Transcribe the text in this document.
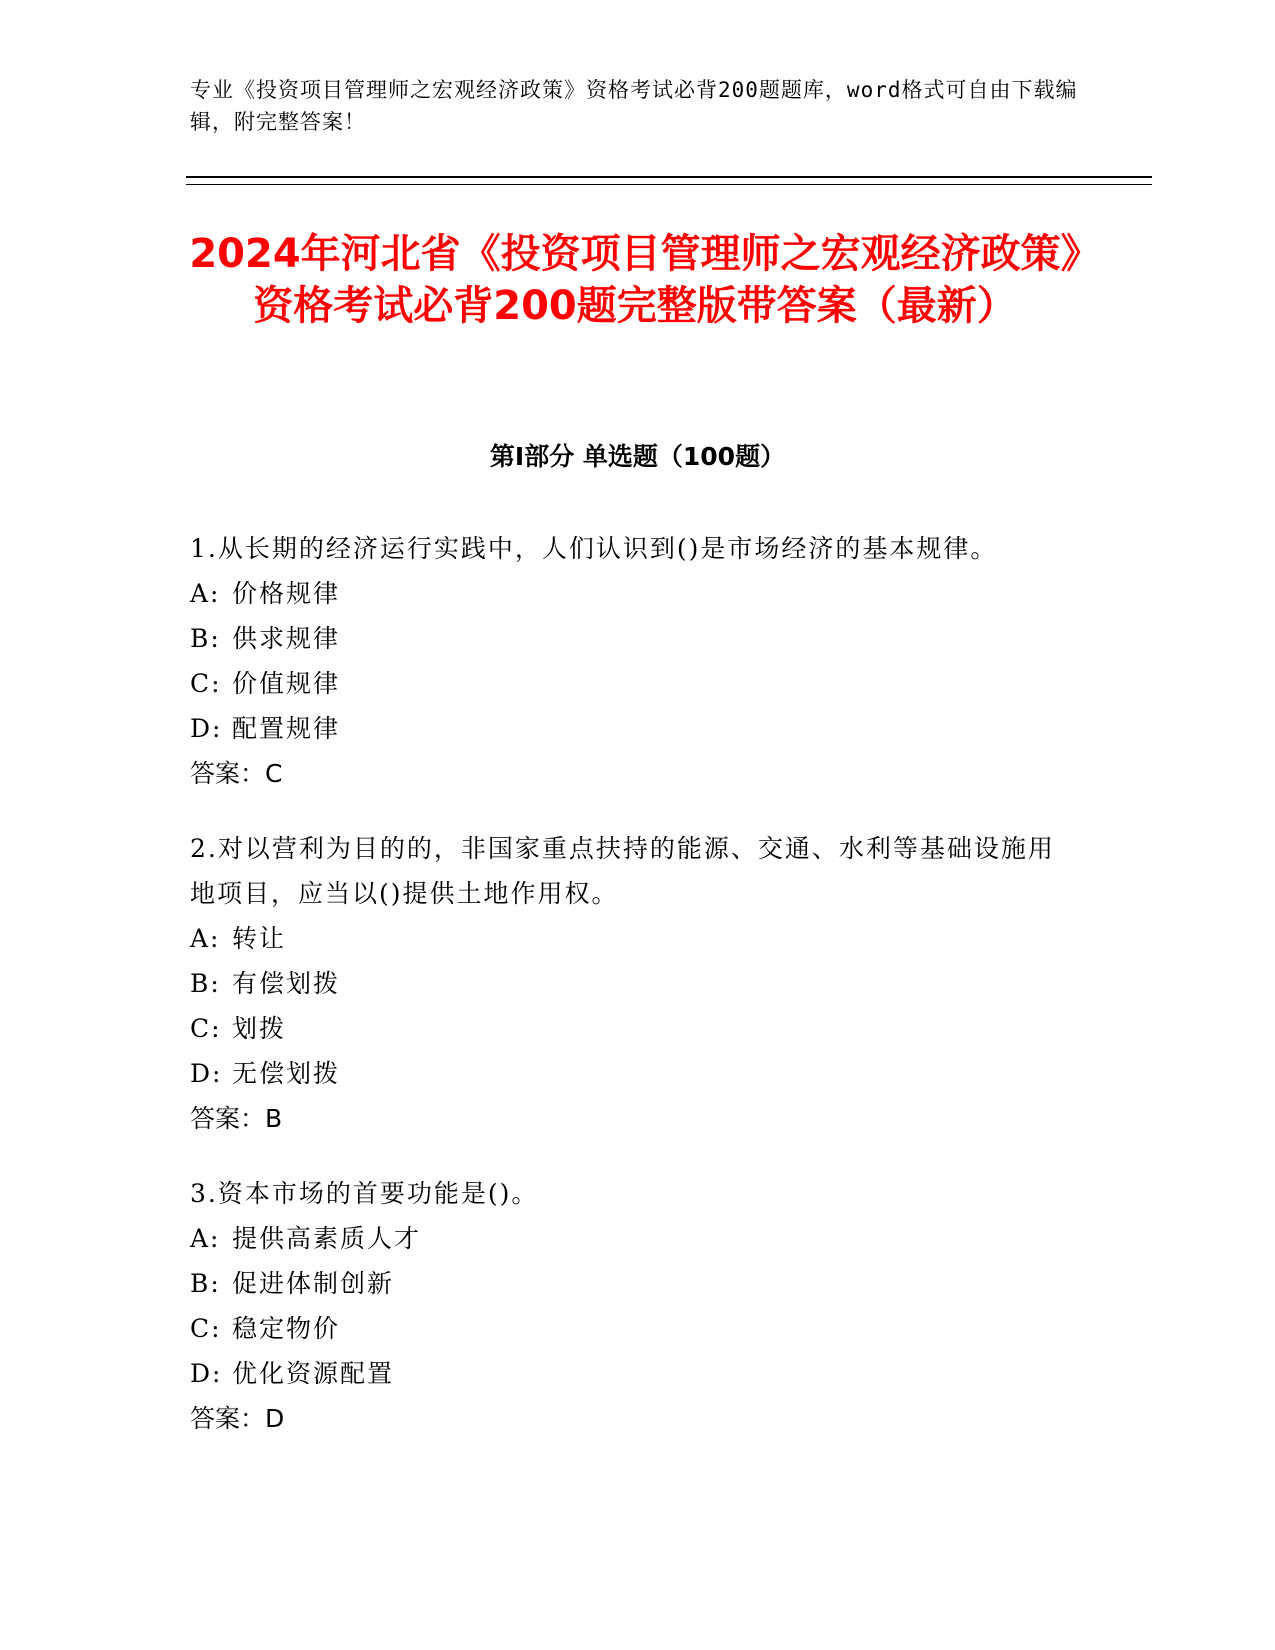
专业《投资项目管理师之宏观经济政策》资格考试必背200题题库，word格式可自由下载编辑，附完整答案！
2024年河北省《投资项目管理师之宏观经济政策》资格考试必背200题完整版带答案（最新）
第I部分 单选题（100题）

1.从长期的经济运行实践中，人们认识到()是市场经济的基本规律。

A: 价格规律

B: 供求规律

C: 价值规律

D: 配置规律

答案：C

2.对以营利为目的的，非国家重点扶持的能源、交通、水利等基础设施用地项目，应当以()提供土地作用权。

A: 转让

B: 有偿划拨

C: 划拨

D: 无偿划拨

答案：B

3.资本市场的首要功能是()。

A: 提供高素质人才

B: 促进体制创新

C: 稳定物价

D: 优化资源配置

答案：D
